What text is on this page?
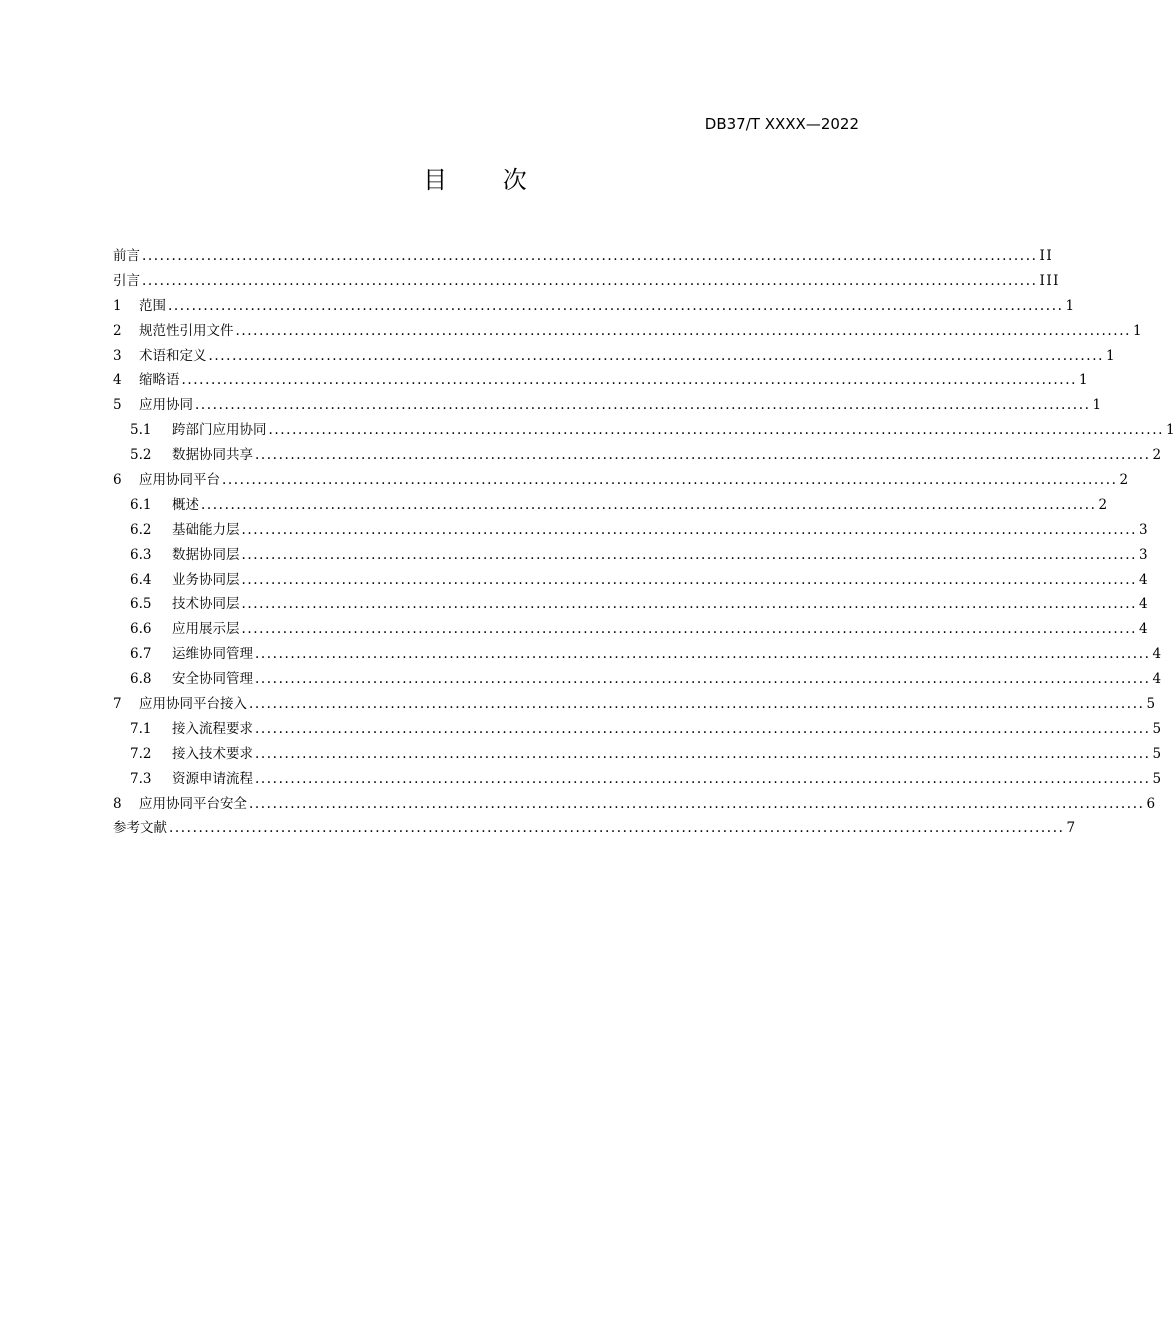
DB37/T XXXX—2022
目 次
前言 ........................................................................................................................................................ II
引言 ........................................................................................................................................................ III
1	范围 ........................................................................................................................................................ 1
2	规范性引用文件 ........................................................................................................................................................ 1
3	术语和定义 ........................................................................................................................................................ 1
4	缩略语 ........................................................................................................................................................ 1
5	应用协同 ........................................................................................................................................................ 1
5.1	跨部门应用协同 ........................................................................................................................................................ 1
5.2	数据协同共享 ........................................................................................................................................................ 2
6	应用协同平台 ........................................................................................................................................................ 2
6.1	概述 ........................................................................................................................................................ 2
6.2	基础能力层 ........................................................................................................................................................ 3
6.3	数据协同层 ........................................................................................................................................................ 3
6.4	业务协同层 ........................................................................................................................................................ 4
6.5	技术协同层 ........................................................................................................................................................ 4
6.6	应用展示层 ........................................................................................................................................................ 4
6.7	运维协同管理 ........................................................................................................................................................ 4
6.8	安全协同管理 ........................................................................................................................................................ 4
7	应用协同平台接入 ........................................................................................................................................................ 5
7.1	接入流程要求 ........................................................................................................................................................ 5
7.2	接入技术要求 ........................................................................................................................................................ 5
7.3	资源申请流程 ........................................................................................................................................................ 5
8	应用协同平台安全 ........................................................................................................................................................ 6
参考文献 ........................................................................................................................................................ 7
